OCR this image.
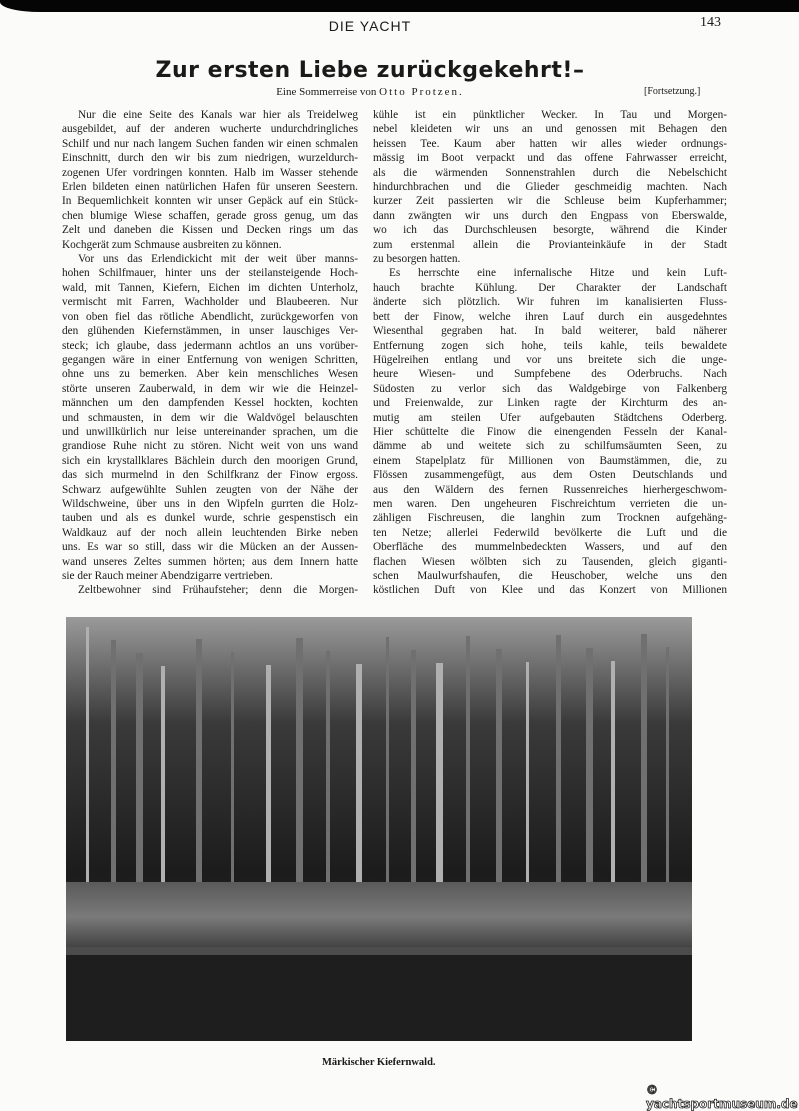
DIE YACHT	143
Zur ersten Liebe zurückgekehrt!–
Eine Sommerreise von Otto Protzen.	[Fortsetzung.]
Nur die eine Seite des Kanals war hier als Treidelweg
ausgebildet, auf der anderen wucherte undurchdringliches
Schilf und nur nach langem Suchen fanden wir einen schmalen
Einschnitt, durch den wir bis zum niedrigen, wurzeldurch-
zogenen Ufer vordringen konnten. Halb im Wasser stehende
Erlen bildeten einen natürlichen Hafen für unseren Seestern.
In Bequemlichkeit konnten wir unser Gepäck auf ein Stück-
chen blumige Wiese schaffen, gerade gross genug, um das
Zelt und daneben die Kissen und Decken rings um das
Kochgerät zum Schmause ausbreiten zu können.
Vor uns das Erlendickicht mit der weit über manns-
hohen Schilfmauer, hinter uns der steilansteigende Hoch-
wald, mit Tannen, Kiefern, Eichen im dichten Unterholz,
vermischt mit Farren, Wachholder und Blaubeeren. Nur
von oben fiel das rötliche Abendlicht, zurückgeworfen von
den glühenden Kiefernstämmen, in unser lauschiges Ver-
steck; ich glaube, dass jedermann achtlos an uns vorüber-
gegangen wäre in einer Entfernung von wenigen Schritten,
ohne uns zu bemerken. Aber kein menschliches Wesen
störte unseren Zauberwald, in dem wir wie die Heinzel-
männchen um den dampfenden Kessel hockten, kochten
und schmausten, in dem wir die Waldvögel belauschten
und unwillkürlich nur leise untereinander sprachen, um die
grandiose Ruhe nicht zu stören. Nicht weit von uns wand
sich ein krystallklares Bächlein durch den moorigen Grund,
das sich murmelnd in den Schilfkranz der Finow ergoss.
Schwarz aufgewühlte Suhlen zeugten von der Nähe der
Wildschweine, über uns in den Wipfeln gurrten die Holz-
tauben und als es dunkel wurde, schrie gespenstisch ein
Waldkauz auf der noch allein leuchtenden Birke neben
uns. Es war so still, dass wir die Mücken an der Aussen-
wand unseres Zeltes summen hörten; aus dem Innern hatte
sie der Rauch meiner Abendzigarre vertrieben.
Zeltbewohner sind Frühaufsteher; denn die Morgen-
kühle ist ein pünktlicher Wecker. In Tau und Morgen-
nebel kleideten wir uns an und genossen mit Behagen den
heissen Tee. Kaum aber hatten wir alles wieder ordnungs-
mässig im Boot verpackt und das offene Fahrwasser erreicht,
als die wärmenden Sonnenstrahlen durch die Nebelschicht
hindurchbrachen und die Glieder geschmeidig machten. Nach
kurzer Zeit passierten wir die Schleuse beim Kupferhammer;
dann zwängten wir uns durch den Engpass von Eberswalde,
wo ich das Durchschleusen besorgte, während die Kinder
zum erstenmal allein die Provianteinkäufe in der Stadt
zu besorgen hatten.
Es herrschte eine infernalische Hitze und kein Luft-
hauch brachte Kühlung. Der Charakter der Landschaft
änderte sich plötzlich. Wir fuhren im kanalisierten Fluss-
bett der Finow, welche ihren Lauf durch ein ausgedehntes
Wiesenthal gegraben hat. In bald weiterer, bald näherer
Entfernung zogen sich hohe, teils kahle, teils bewaldete
Hügelreihen entlang und vor uns breitete sich die unge-
heure Wiesen- und Sumpfebene des Oderbruchs. Nach
Südosten zu verlor sich das Waldgebirge von Falkenberg
und Freienwalde, zur Linken ragte der Kirchturm des an-
mutig am steilen Ufer aufgebauten Städtchens Oderberg.
Hier schüttelte die Finow die einengenden Fesseln der Kanal-
dämme ab und weitete sich zu schilfumsäumten Seen, zu
einem Stapelplatz für Millionen von Baumstämmen, die, zu
Flössen zusammengefügt, aus dem Osten Deutschlands und
aus den Wäldern des fernen Russenreiches hierhergeschwom-
men waren. Den ungeheuren Fischreichtum verrieten die un-
zähligen Fischreusen, die langhin zum Trocknen aufgehäng-
ten Netze; allerlei Federwild bevölkerte die Luft und die
Oberfläche des mummelnbedeckten Wassers, und auf den
flachen Wiesen wölbten sich zu Tausenden, gleich giganti-
schen Maulwurfshaufen, die Heuschober, welche uns den
köstlichen Duft von Klee und das Konzert von Millionen
Märkischer Kiefernwald.
© yachtsportmuseum.de
